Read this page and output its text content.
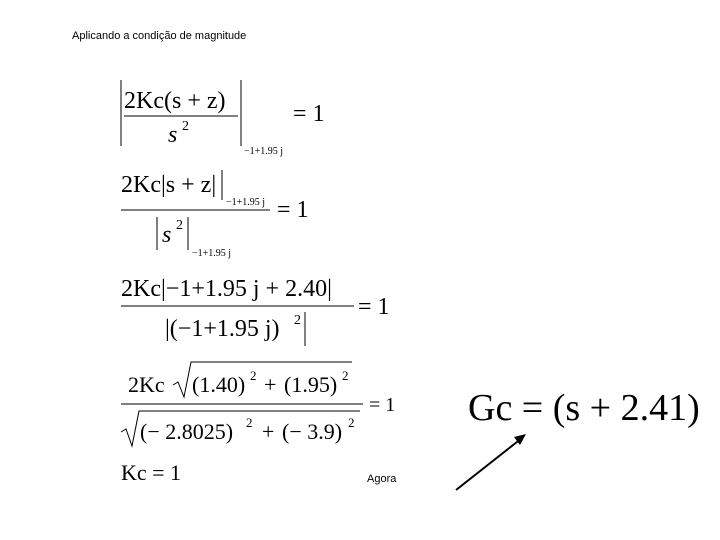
Aplicando a condição de magnitude
2Kc(s + z)
s 2
−1+1.95 j
= 1
2Kc|s + z|
−1+1.95 j
s 2
−1+1.95 j
= 1
2Kc|−1+1.95 j + 2.40|
|(−1+1.95 j) 2
= 1
2Kc (1.40) 2 + (1.95) 2
(− 2.8025) 2 + (− 3.9) 2
= 1
Kc = 1
Gc = (s + 2.41)
Agora
